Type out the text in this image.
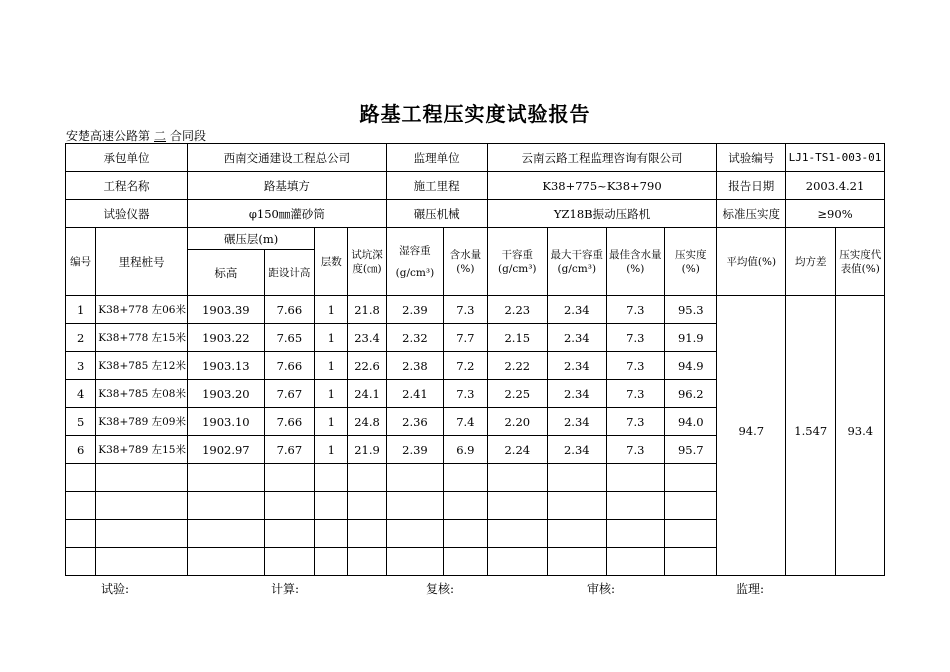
路基工程压实度试验报告
安楚高速公路第 二 合同段
承包单位		西南交通建设工程总公司				监理单位		云南云路工程监理咨询有限公司				试验编号	LJ1-TS1-003-01	
工程名称		路基填方				施工里程		K38+775~K38+790				报告日期	2003.4.21	
试验仪器		φ150㎜灌砂筒				碾压机械		YZ18B振动压路机				标准压实度	≥90%	
编号	里程桩号	碾压层(m)		层数	试坑深度(㎝)	湿容重
(g/cm³)	含水量(%)	干容重(g/cm³)	最大干容重(g/cm³)	最佳含水量(%)	压实度(%)	平均值(%)	均方差	压实度代表值(%)
		标高	距设计高											
1	K38+778 左06米	1903.39	7.66	1	21.8	2.39	7.3	2.23	2.34	7.3	95.3	94.7	1.547	93.4
2	K38+778 左15米	1903.22	7.65	1	23.4	2.32	7.7	2.15	2.34	7.3	91.9			
3	K38+785 左12米	1903.13	7.66	1	22.6	2.38	7.2	2.22	2.34	7.3	94.9			
4	K38+785 左08米	1903.20	7.67	1	24.1	2.41	7.3	2.25	2.34	7.3	96.2			
5	K38+789 左09米	1903.10	7.66	1	24.8	2.36	7.4	2.20	2.34	7.3	94.0			
6	K38+789 左15米	1902.97	7.67	1	21.9	2.39	6.9	2.24	2.34	7.3	95.7			

试验:	计算:	复核:	审核:	监理:
